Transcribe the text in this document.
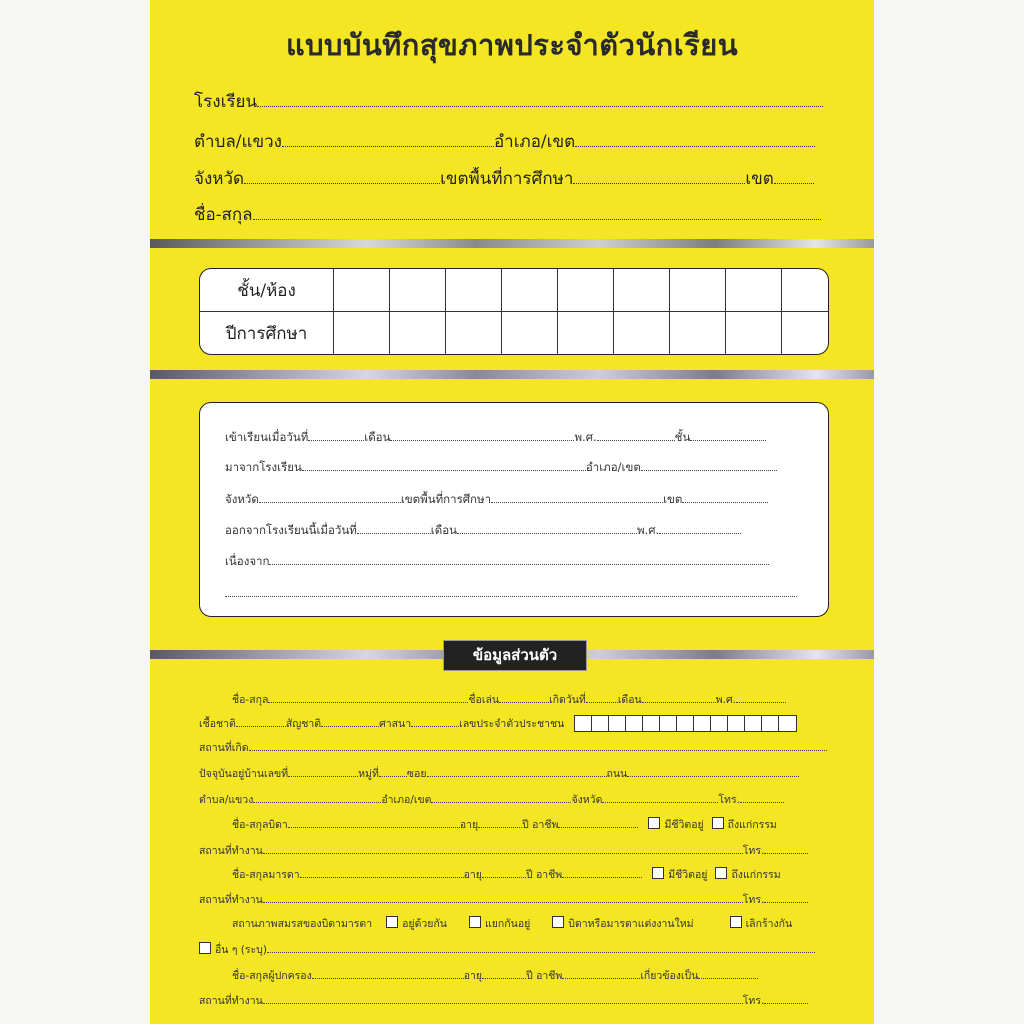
แบบบันทึกสุขภาพประจำตัวนักเรียน
โรงเรียน
ตำบล/แขวง	อำเภอ/เขต
จังหวัด	เขตพื้นที่การศึกษา	เขต
ชื่อ-สกุล
ชั้น/ห้อง									
ปีการศึกษา									
เข้าเรียนเมื่อวันที่	เดือน	พ.ศ.	ชั้น
มาจากโรงเรียน	อำเภอ/เขต
จังหวัด	เขตพื้นที่การศึกษา	เขต
ออกจากโรงเรียนนี้เมื่อวันที่	เดือน	พ.ศ.
เนื่องจาก
ข้อมูลส่วนตัว
ชื่อ-สกุล	ชื่อเล่น	เกิดวันที่	เดือน	พ.ศ.
เชื้อชาติ	สัญชาติ	ศาสนา	เลขประจำตัวประชาชน
สถานที่เกิด
ปัจจุบันอยู่บ้านเลขที่	หมู่ที่	ซอย	ถนน
ตำบล/แขวง	อำเภอ/เขต	จังหวัด	โทร.
ชื่อ-สกุลบิดา	อายุ	ปี อาชีพ	มีชีวิตอยู่ ถึงแก่กรรม
สถานที่ทำงาน	โทร.
ชื่อ-สกุลมารดา	อายุ	ปี อาชีพ	มีชีวิตอยู่ ถึงแก่กรรม
สถานที่ทำงาน	โทร.
สถานภาพสมรสของบิดามารดา	อยู่ด้วยกัน	แยกกันอยู่	บิดาหรือมารดาแต่งงานใหม่	เลิกร้างกัน
อื่น ๆ (ระบุ)
ชื่อ-สกุลผู้ปกครอง	อายุ	ปี อาชีพ	เกี่ยวข้องเป็น
สถานที่ทำงาน	โทร.
